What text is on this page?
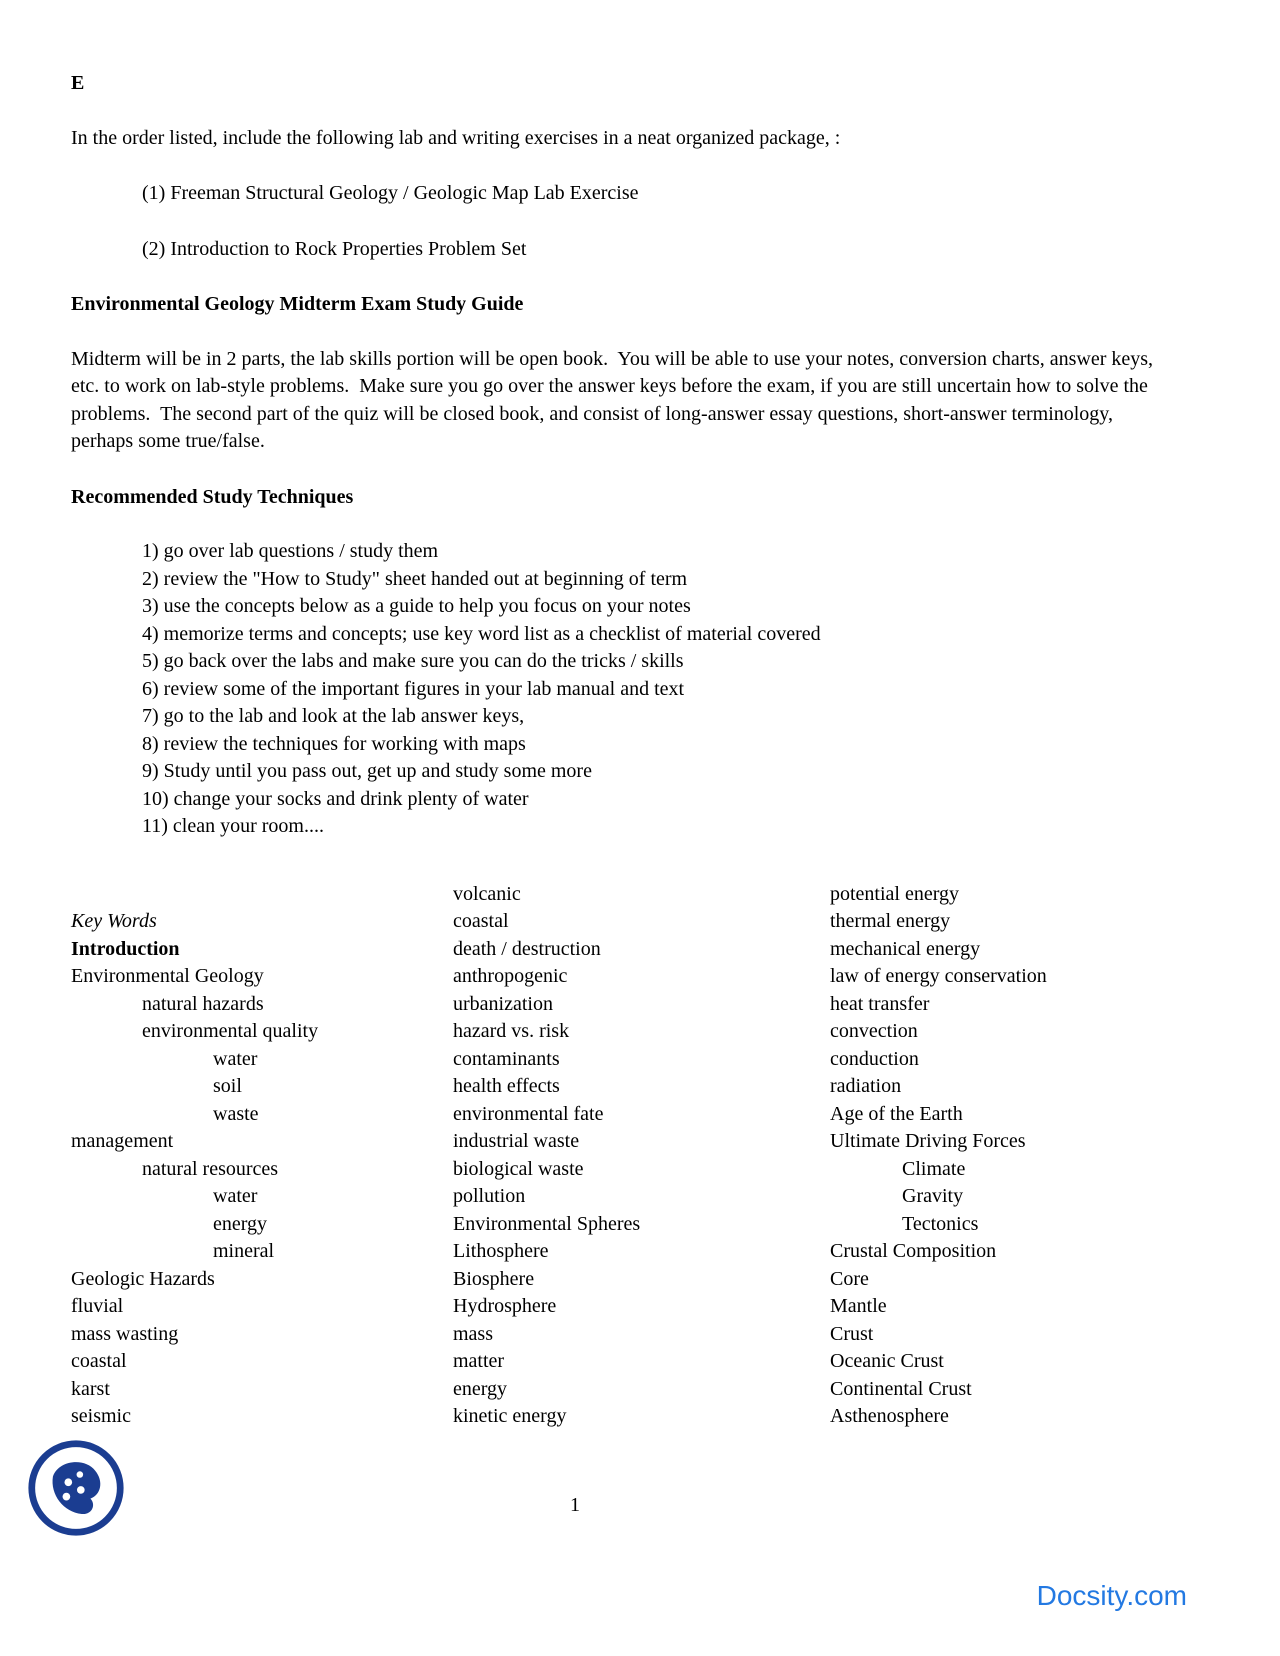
E

In the order listed, include the following lab and writing exercises in a neat organized package, :

(1) Freeman Structural Geology / Geologic Map Lab Exercise
(2) Introduction to Rock Properties Problem Set

Environmental Geology Midterm Exam Study Guide

Midterm will be in 2 parts, the lab skills portion will be open book.  You will be able to use your notes, conversion charts, answer keys, etc. to work on lab-style problems.  Make sure you go over the answer keys before the exam, if you are still uncertain how to solve the problems.  The second part of the quiz will be closed book, and consist of long-answer essay questions, short-answer terminology, perhaps some true/false.

Recommended Study Techniques

1) go over lab questions / study them
2) review the "How to Study" sheet handed out at beginning of term
3) use the concepts below as a guide to help you focus on your notes
4) memorize terms and concepts; use key word list as a checklist of material covered
5) go back over the labs and make sure you can do the tricks / skills
6) review some of the important figures in your lab manual and text
7) go to the lab and look at the lab answer keys,
8) review the techniques for working with maps
9) Study until you pass out, get up and study some more
10) change your socks and drink plenty of water
11) clean your room....
Key Words
Introduction
Environmental Geology
natural hazards
environmental quality
water
soil
waste
management
natural resources
water
energy
mineral
Geologic Hazards
fluvial
mass wasting
coastal
karst
seismic
volcanic
coastal
death / destruction
anthropogenic
urbanization
hazard vs. risk
contaminants
health effects
environmental fate
industrial waste
biological waste
pollution
Environmental Spheres
Lithosphere
Biosphere
Hydrosphere
mass
matter
energy
kinetic energy
potential energy
thermal energy
mechanical energy
law of energy conservation
heat transfer
convection
conduction
radiation
Age of the Earth
Ultimate Driving Forces
Climate
Gravity
Tectonics
Crustal Composition
Core
Mantle
Crust
Oceanic Crust
Continental Crust
Asthenosphere
1
Docsity.com
